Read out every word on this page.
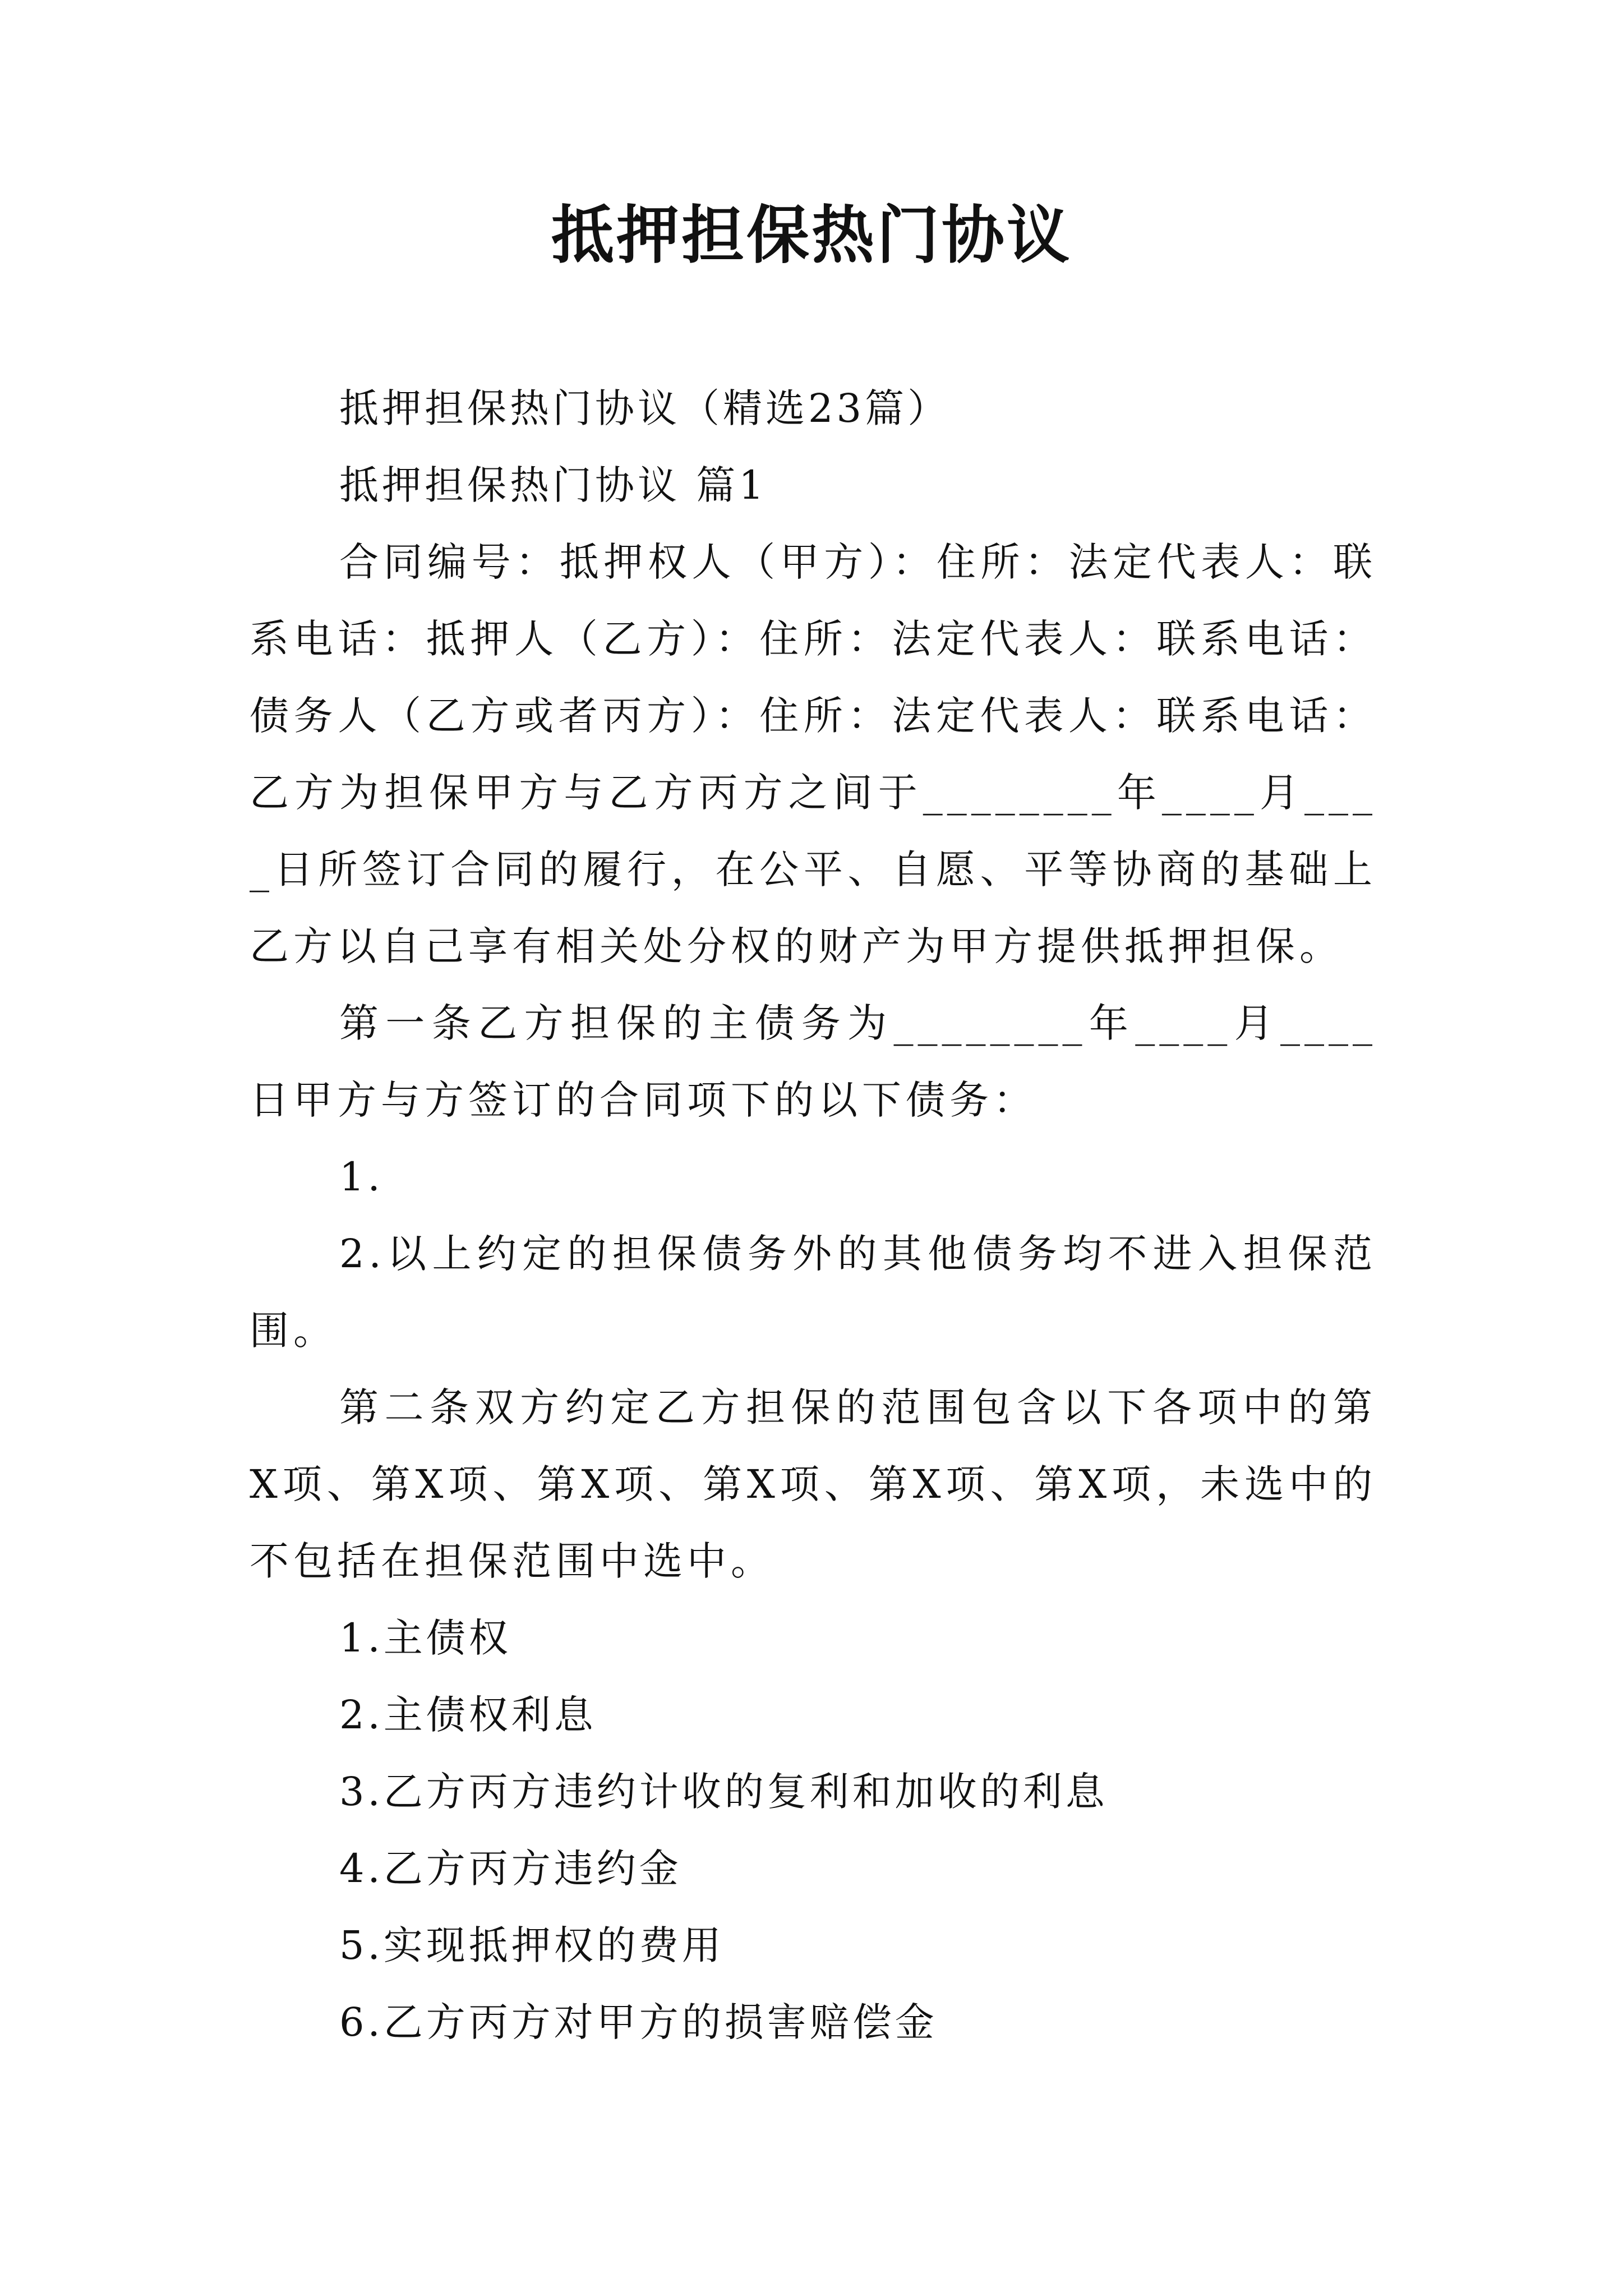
抵押担保热门协议

抵押担保热门协议（精选23篇）

抵押担保热门协议 篇1

合同编号：抵押权人（甲方）：住所：法定代表人：联系电话：抵押人（乙方）：住所：法定代表人：联系电话：债务人（乙方或者丙方）：住所：法定代表人：联系电话：乙方为担保甲方与乙方丙方之间于________年____月____日所签订合同的履行，在公平、自愿、平等协商的基础上乙方以自己享有相关处分权的财产为甲方提供抵押担保。

第一条乙方担保的主债务为________年____月____日甲方与方签订的合同项下的以下债务：

1.

2.以上约定的担保债务外的其他债务均不进入担保范围。

第二条双方约定乙方担保的范围包含以下各项中的第X项、第X项、第X项、第X项、第X项、第X项，未选中的不包括在担保范围中选中。

1.主债权

2.主债权利息

3.乙方丙方违约计收的复利和加收的利息

4.乙方丙方违约金

5.实现抵押权的费用

6.乙方丙方对甲方的损害赔偿金
